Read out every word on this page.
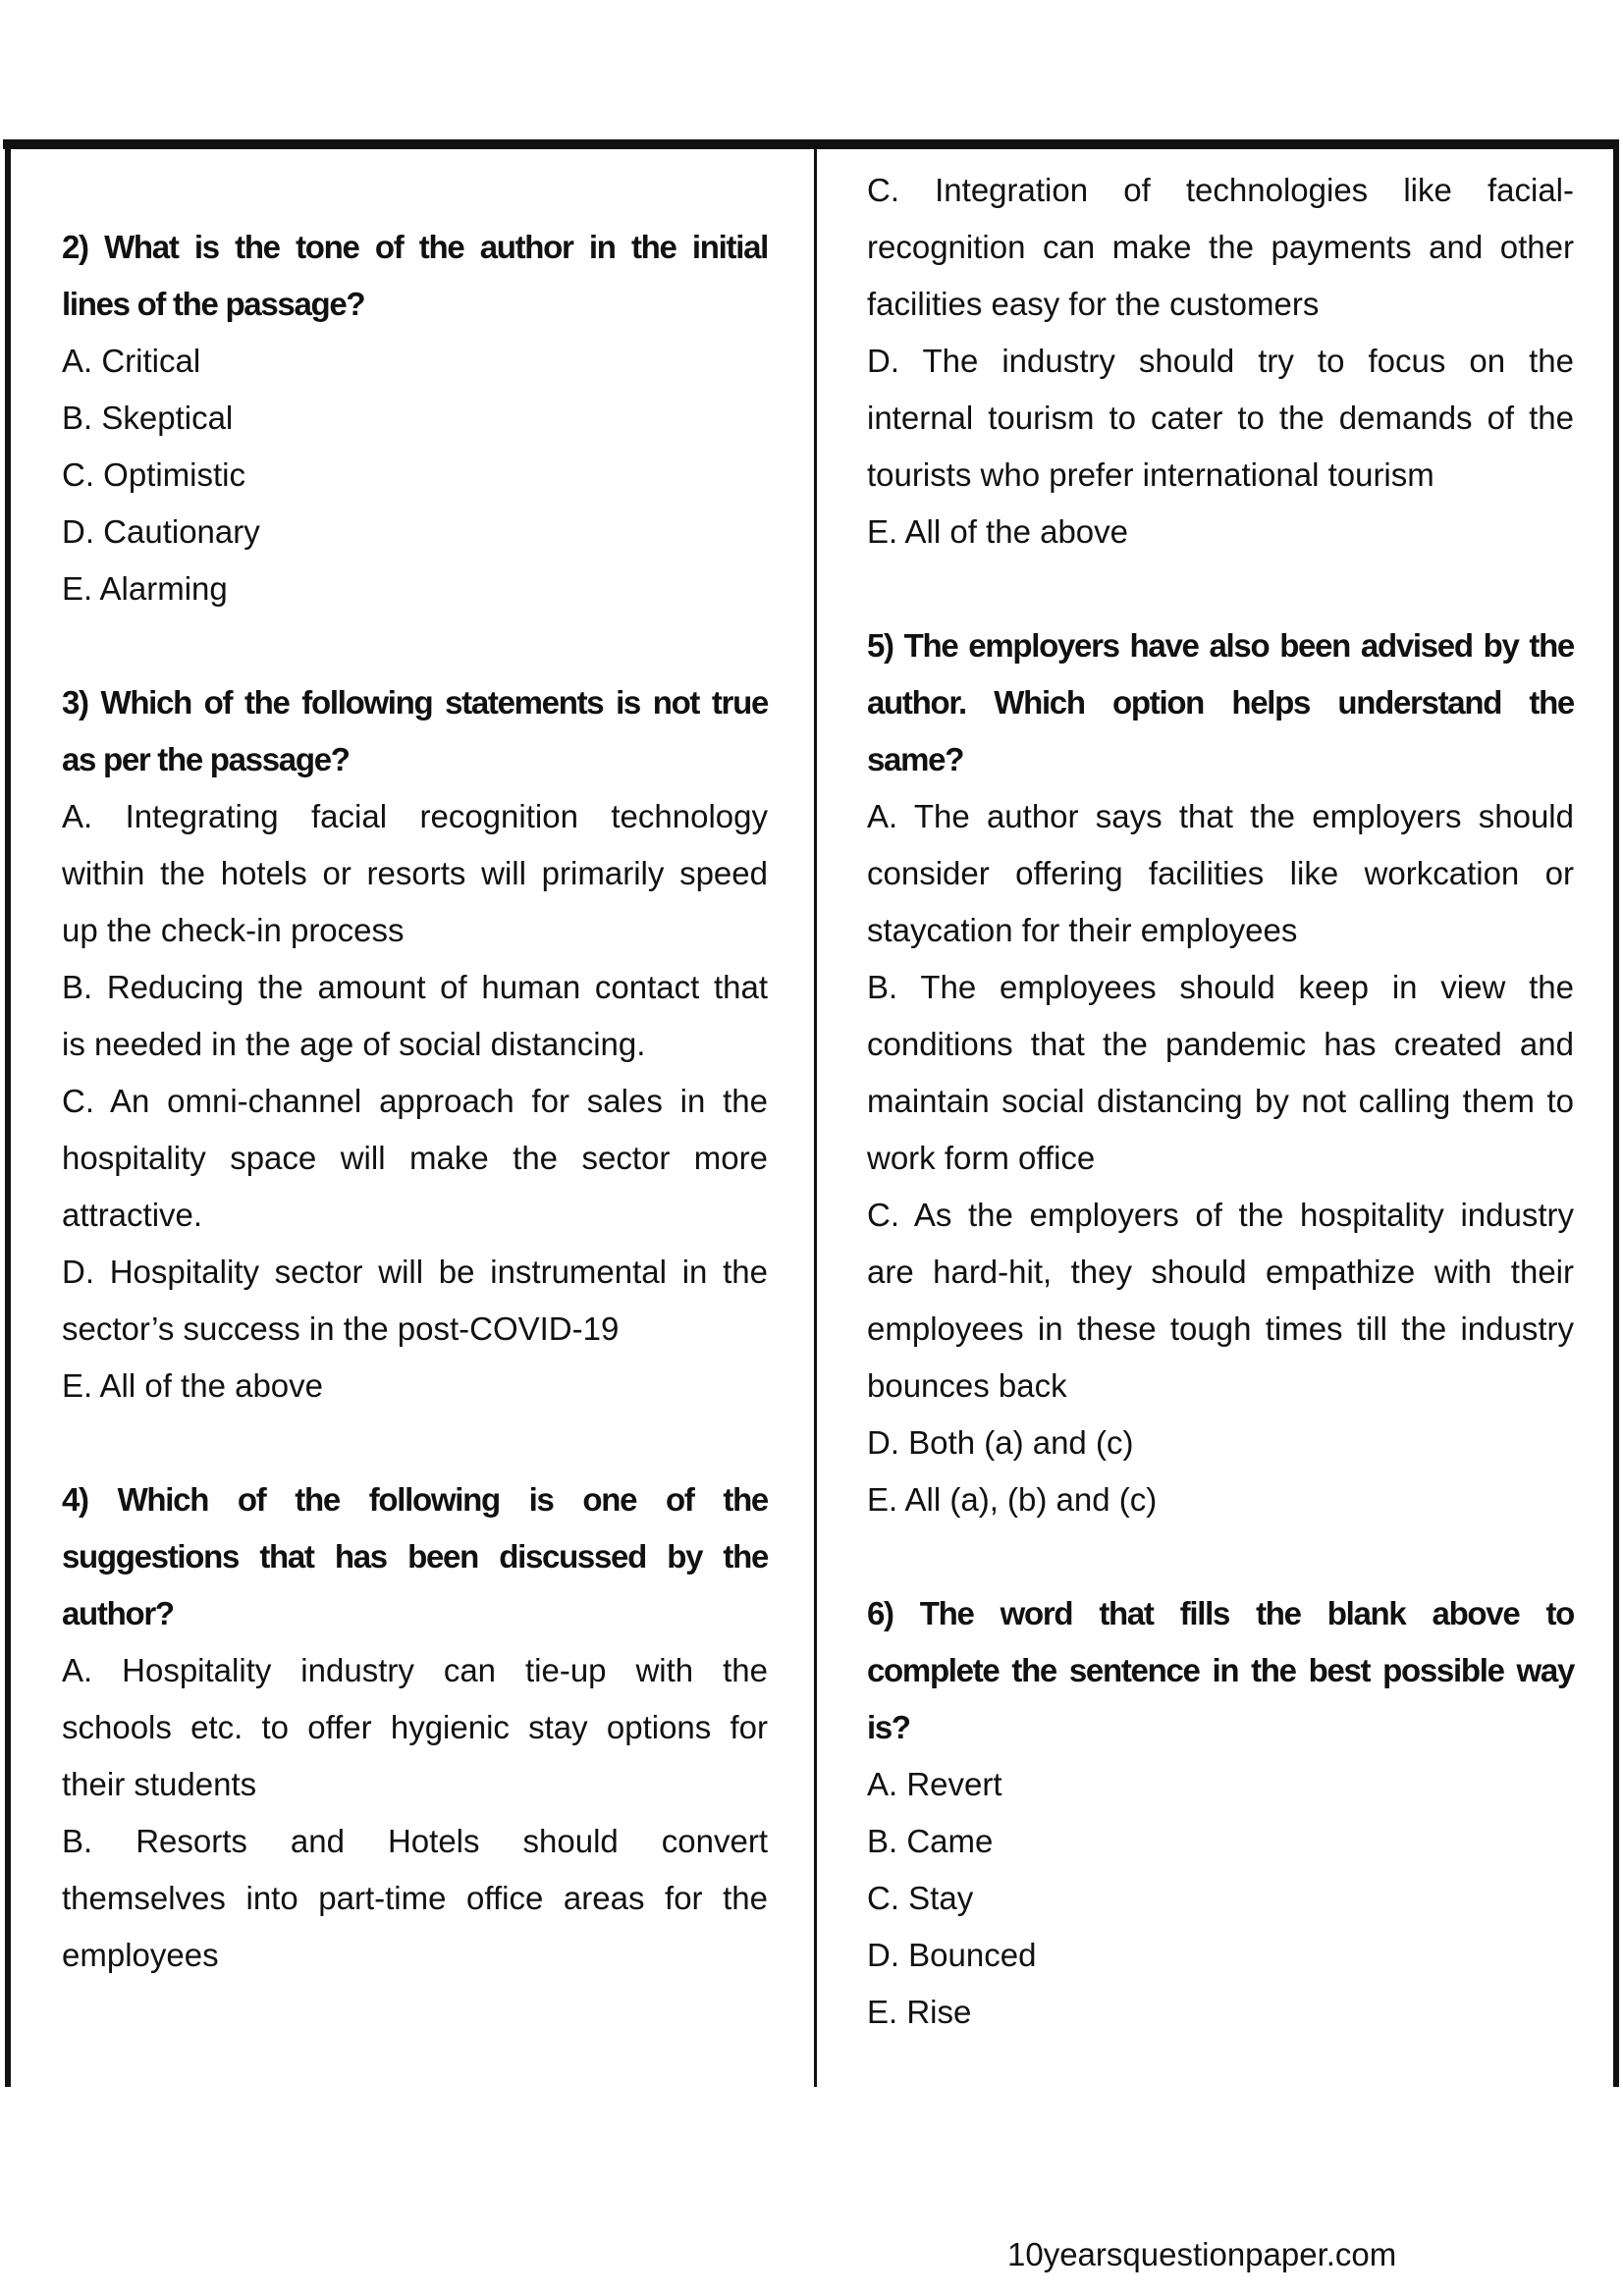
2) What is the tone of the author in the initial
lines of the passage?
A. Critical
B. Skeptical
C. Optimistic
D. Cautionary
E. Alarming
3) Which of the following statements is not true
as per the passage?
A. Integrating facial recognition technology
within the hotels or resorts will primarily speed
up the check-in process
B. Reducing the amount of human contact that
is needed in the age of social distancing.
C. An omni-channel approach for sales in the
hospitality space will make the sector more
attractive.
D. Hospitality sector will be instrumental in the
sector’s success in the post-COVID-19
E. All of the above
4) Which of the following is one of the
suggestions that has been discussed by the
author?
A. Hospitality industry can tie-up with the
schools etc. to offer hygienic stay options for
their students
B. Resorts and Hotels should convert
themselves into part-time office areas for the
employees
C. Integration of technologies like facial-
recognition can make the payments and other
facilities easy for the customers
D. The industry should try to focus on the
internal tourism to cater to the demands of the
tourists who prefer international tourism
E. All of the above
5) The employers have also been advised by the
author. Which option helps understand the
same?
A. The author says that the employers should
consider offering facilities like workcation or
staycation for their employees
B. The employees should keep in view the
conditions that the pandemic has created and
maintain social distancing by not calling them to
work form office
C. As the employers of the hospitality industry
are hard-hit, they should empathize with their
employees in these tough times till the industry
bounces back
D. Both (a) and (c)
E. All (a), (b) and (c)
6) The word that fills the blank above to
complete the sentence in the best possible way
is?
A. Revert
B. Came
C. Stay
D. Bounced
E. Rise
10yearsquestionpaper.com
